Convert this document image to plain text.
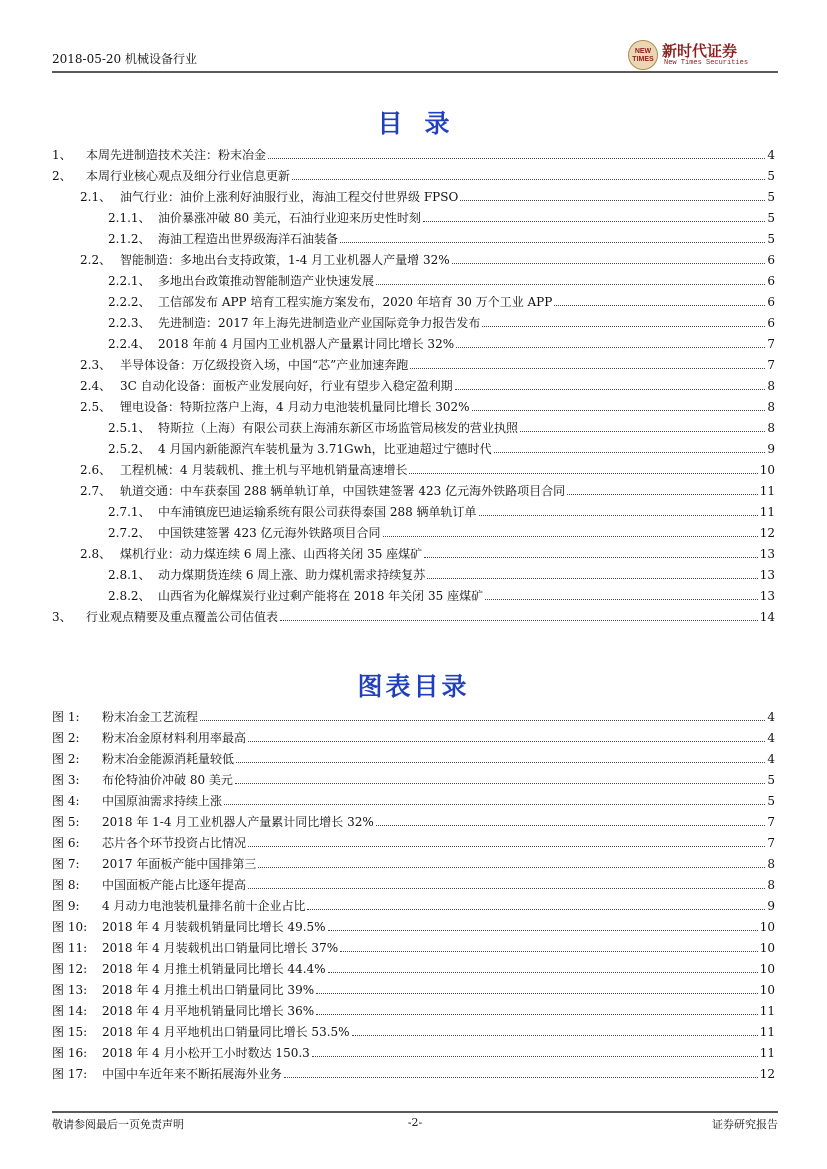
2018-05-20 机械设备行业
NEW TIMES 新时代证券
New Times Securities
目录
1、	本周先进制造技术关注：粉末冶金	4
2、	本周行业核心观点及细分行业信息更新	5
2.1、 油气行业：油价上涨利好油服行业，海油工程交付世界级 FPSO	5
2.1.1、 油价暴涨冲破 80 美元，石油行业迎来历史性时刻	5
2.1.2、 海油工程造出世界级海洋石油装备	5
2.2、 智能制造：多地出台支持政策，1-4 月工业机器人产量增 32%	6
2.2.1、 多地出台政策推动智能制造产业快速发展	6
2.2.2、 工信部发布 APP 培育工程实施方案发布，2020 年培育 30 万个工业 APP	6
2.2.3、 先进制造：2017 年上海先进制造业产业国际竞争力报告发布	6
2.2.4、 2018 年前 4 月国内工业机器人产量累计同比增长 32%	7
2.3、 半导体设备：万亿级投资入场，中国“芯”产业加速奔跑	7
2.4、 3C 自动化设备：面板产业发展向好，行业有望步入稳定盈利期	8
2.5、 锂电设备：特斯拉落户上海，4 月动力电池装机量同比增长 302%	8
2.5.1、 特斯拉（上海）有限公司获上海浦东新区市场监管局核发的营业执照	8
2.5.2、 4 月国内新能源汽车装机量为 3.71Gwh，比亚迪超过宁德时代	9
2.6、 工程机械：4 月装载机、推土机与平地机销量高速增长	10
2.7、 轨道交通：中车获泰国 288 辆单轨订单，中国铁建签署 423 亿元海外铁路项目合同	11
2.7.1、 中车浦镇庞巴迪运输系统有限公司获得泰国 288 辆单轨订单	11
2.7.2、 中国铁建签署 423 亿元海外铁路项目合同	12
2.8、 煤机行业：动力煤连续 6 周上涨、山西将关闭 35 座煤矿	13
2.8.1、 动力煤期货连续 6 周上涨、助力煤机需求持续复苏	13
2.8.2、 山西省为化解煤炭行业过剩产能将在 2018 年关闭 35 座煤矿	13
3、	行业观点精要及重点覆盖公司估值表	14
图表目录
图 1:	粉末冶金工艺流程	4
图 2:	粉末冶金原材料利用率最高	4
图 2:	粉末冶金能源消耗量较低	4
图 3:	布伦特油价冲破 80 美元	5
图 4:	中国原油需求持续上涨	5
图 5:	2018 年 1-4 月工业机器人产量累计同比增长 32%	7
图 6:	芯片各个环节投资占比情况	7
图 7:	2017 年面板产能中国排第三	8
图 8:	中国面板产能占比逐年提高	8
图 9:	4 月动力电池装机量排名前十企业占比	9
图 10:	2018 年 4 月装载机销量同比增长 49.5%	10
图 11:	2018 年 4 月装载机出口销量同比增长 37%	10
图 12:	2018 年 4 月推土机销量同比增长 44.4%	10
图 13:	2018 年 4 月推土机出口销量同比 39%	10
图 14:	2018 年 4 月平地机销量同比增长 36%	11
图 15:	2018 年 4 月平地机出口销量同比增长 53.5%	11
图 16:	2018 年 4 月小松开工小时数达 150.3	11
图 17:	中国中车近年来不断拓展海外业务	12
敬请参阅最后一页免责声明	-2-	证券研究报告
